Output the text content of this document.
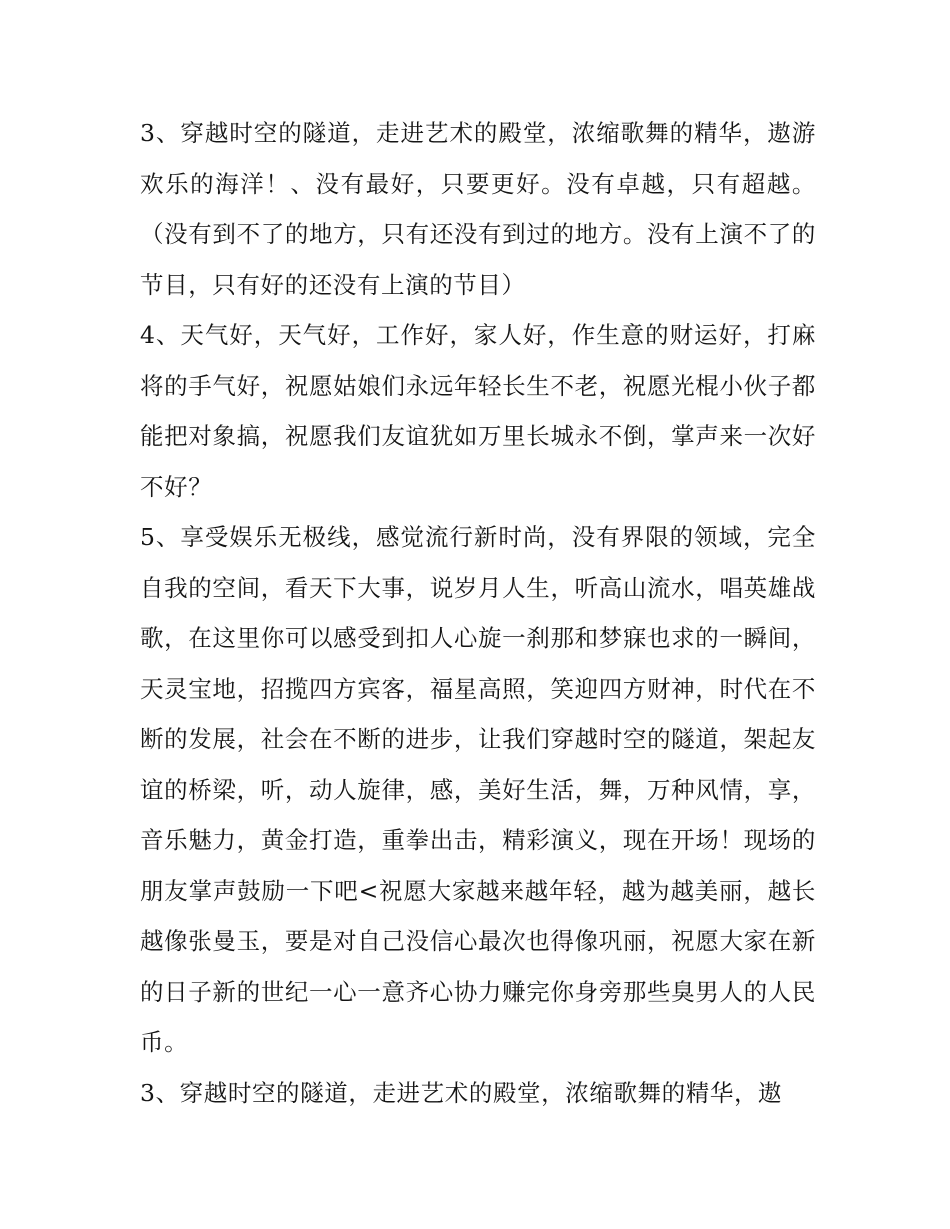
3、穿越时空的隧道，走进艺术的殿堂，浓缩歌舞的精华，遨游欢乐的海洋！、没有最好，只要更好。没有卓越，只有超越。（没有到不了的地方，只有还没有到过的地方。没有上演不了的节目，只有好的还没有上演的节目）

4、天气好，天气好，工作好，家人好，作生意的财运好，打麻将的手气好，祝愿姑娘们永远年轻长生不老，祝愿光棍小伙子都能把对象搞，祝愿我们友谊犹如万里长城永不倒，掌声来一次好不好？

5、享受娱乐无极线，感觉流行新时尚，没有界限的领域，完全自我的空间，看天下大事，说岁月人生，听高山流水，唱英雄战歌，在这里你可以感受到扣人心旋一刹那和梦寐也求的一瞬间，天灵宝地，招揽四方宾客，福星高照，笑迎四方财神，时代在不断的发展，社会在不断的进步，让我们穿越时空的隧道，架起友谊的桥梁，听，动人旋律，感，美好生活，舞，万种风情，享，音乐魅力，黄金打造，重拳出击，精彩演义，现在开场！现场的朋友掌声鼓励一下吧<祝愿大家越来越年轻，越为越美丽，越长越像张曼玉，要是对自己没信心最次也得像巩丽，祝愿大家在新的日子新的世纪一心一意齐心协力赚完你身旁那些臭男人的人民币。

3、穿越时空的隧道，走进艺术的殿堂，浓缩歌舞的精华，遨
